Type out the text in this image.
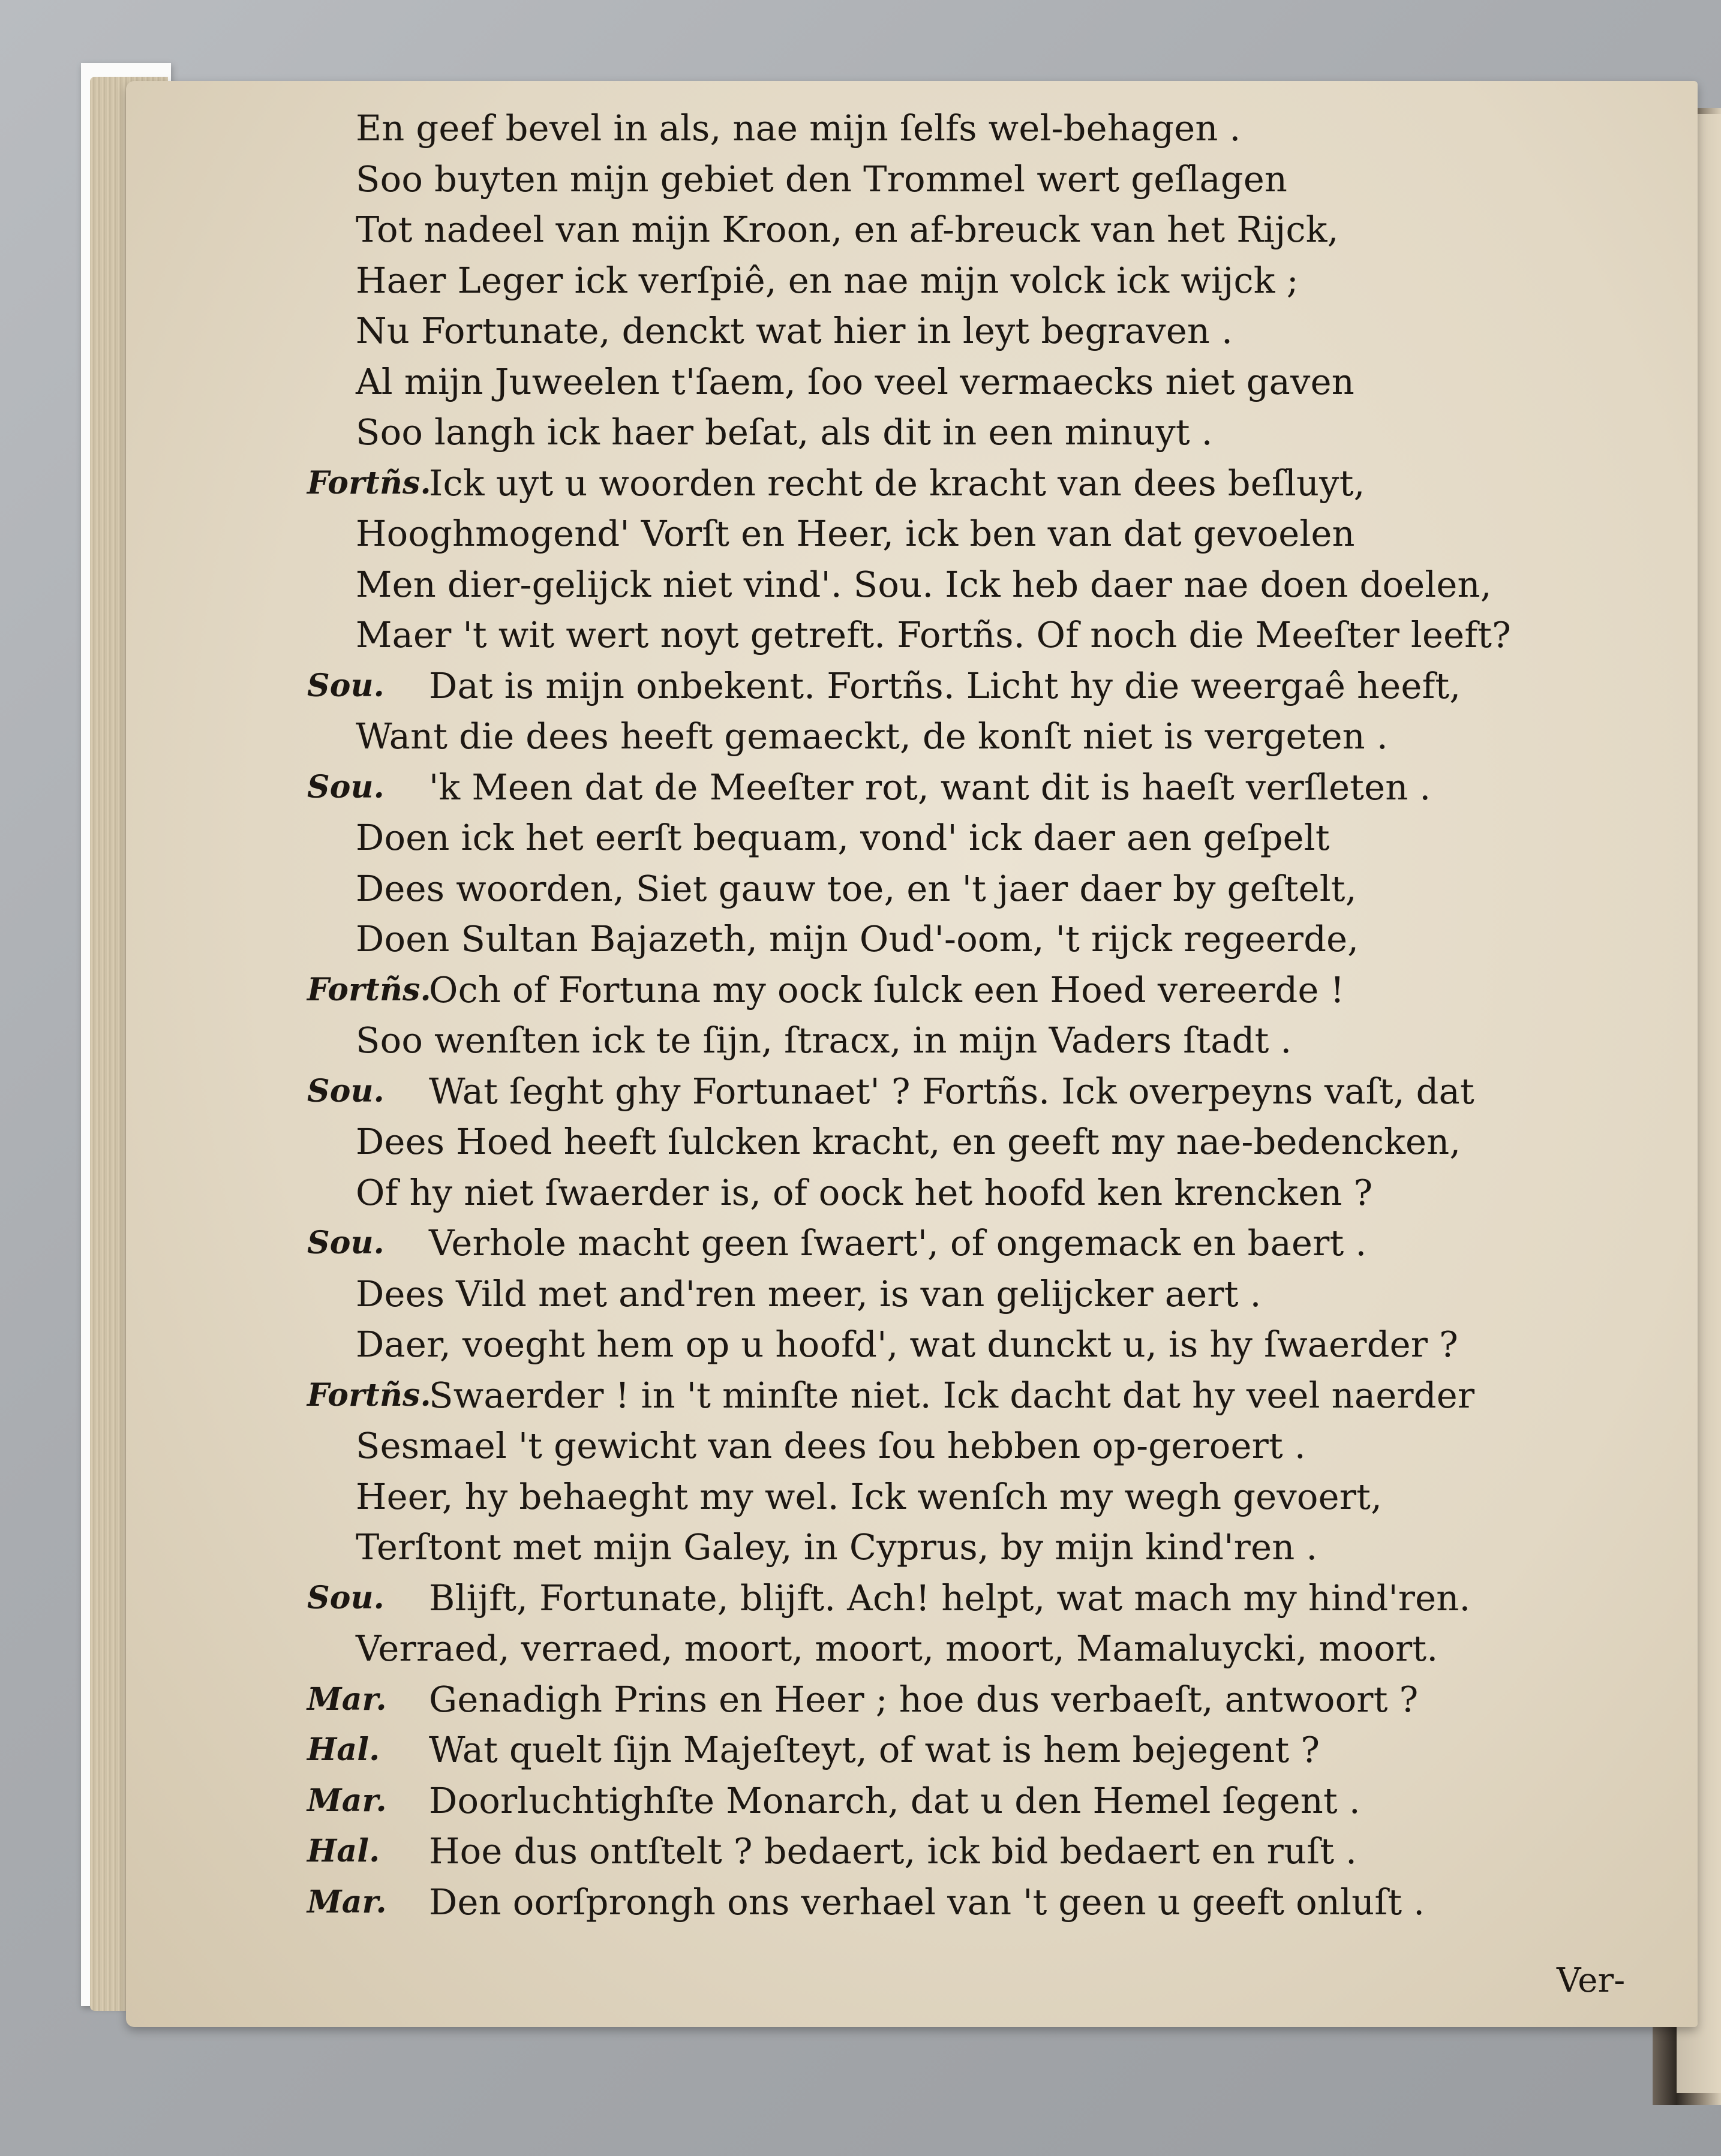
En geef bevel in als, nae mijn ſelfs wel-behagen .
Soo buyten mijn gebiet den Trommel wert geſlagen
Tot nadeel van mijn Kroon, en af-breuck van het Rijck,
Haer Leger ick verſpiê, en nae mijn volck ick wijck ;
Nu Fortunate, denckt wat hier in leyt begraven .
Al mijn Juweelen t'ſaem, ſoo veel vermaecks niet gaven
Soo langh ick haer beſat, als dit in een minuyt .
Fortñs.
Ick uyt u woorden recht de kracht van dees beſluyt,
Hooghmogend' Vorſt en Heer, ick ben van dat gevoelen
Men dier-gelijck niet vind'. Sou. Ick heb daer nae doen doelen,
Maer 't wit wert noyt getreft. Fortñs. Of noch die Meeſter leeft?
Sou. Dat is mijn onbekent. Fortñs. Licht hy die weergaê heeft,
Want die dees heeft gemaeckt, de konſt niet is vergeten .
Sou. 'k Meen dat de Meeſter rot, want dit is haeſt verſleten .
Doen ick het eerſt bequam, vond' ick daer aen geſpelt
Dees woorden, Siet gauw toe, en 't jaer daer by geſtelt,
Doen Sultan Bajazeth, mijn Oud'-oom, 't rijck regeerde,
Fortñs.
Och of Fortuna my oock ſulck een Hoed vereerde !
Soo wenſten ick te ſijn, ſtracx, in mijn Vaders ſtadt .
Sou. Wat ſeght ghy Fortunaet' ? Fortñs. Ick overpeyns vaſt, dat
Dees Hoed heeft ſulcken kracht, en geeft my nae-bedencken,
Of hy niet ſwaerder is, of oock het hoofd ken krencken ?
Sou. Verhole macht geen ſwaert', of ongemack en baert .
Dees Vild met and'ren meer, is van gelijcker aert .
Daer, voeght hem op u hoofd', wat dunckt u, is hy ſwaerder ?
Fortñs.
Swaerder ! in 't minſte niet. Ick dacht dat hy veel naerder
Sesmael 't gewicht van dees ſou hebben op-geroert .
Heer, hy behaeght my wel. Ick wenſch my wegh gevoert,
Terſtont met mijn Galey, in Cyprus, by mijn kind'ren .
Sou. Blijft, Fortunate, blijft. Ach! helpt, wat mach my hind'ren.
Verraed, verraed, moort, moort, moort, Mamaluycki, moort.
Mar. Genadigh Prins en Heer ; hoe dus verbaeſt, antwoort ?
Hal. Wat quelt ſijn Majeſteyt, of wat is hem bejegent ?
Mar. Doorluchtighſte Monarch, dat u den Hemel ſegent .
Hal. Hoe dus ontſtelt ? bedaert, ick bid bedaert en ruſt .
Mar. Den oorſprongh ons verhael van 't geen u geeft onluſt .
Ver-
